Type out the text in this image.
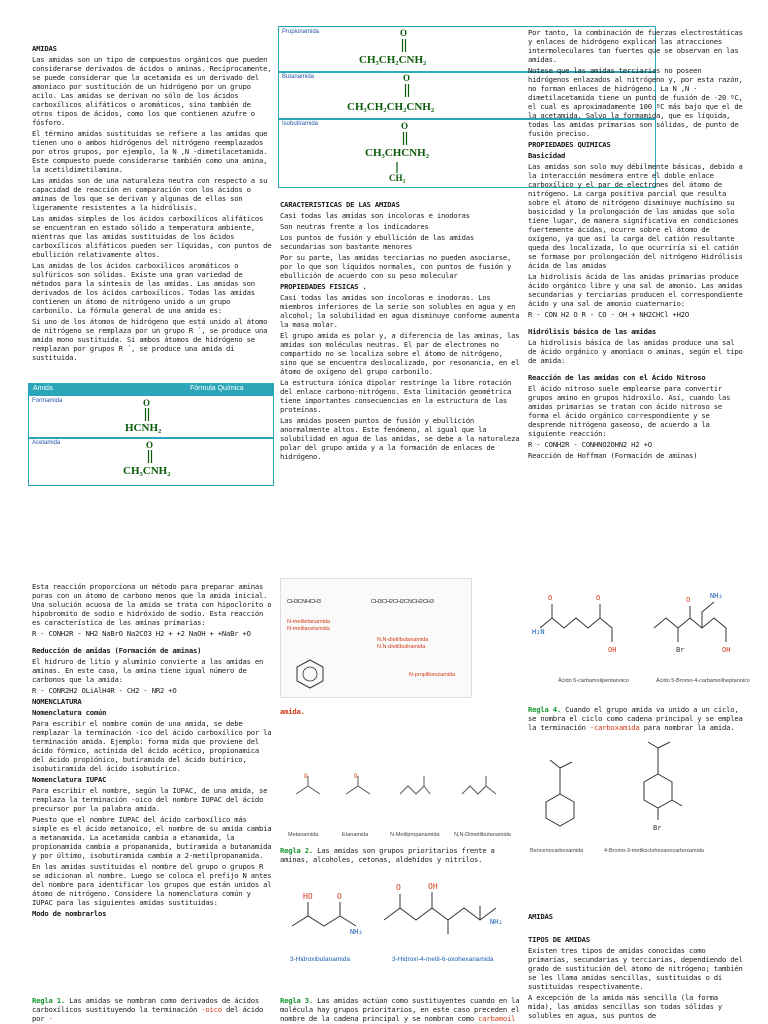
AMIDAS

Las amidas son un tipo de compuestos orgánicos que pueden considerarse derivados de ácidos o aminas. Recíprocamente, se puede considerar que la acetamida es un derivado del amoniaco por sustitución de un hidrógeno por un grupo acilo. Las amidas se derivan no sólo de los ácidos carboxílicos alifáticos o aromáticos, sino también de otros tipos de ácidos, como los que contienen azufre o fósforo.

El término amidas sustituidas se refiere a las amidas que tienen uno o ambos hidrógenos del nitrógeno reemplazados por otros grupos, por ejemplo, la N ,N -dimetilacetamida. Este compuesto puede considerarse también como una amina, la acetildimetilamina.

Las amidas son de una naturaleza neutra con respecto a su capacidad de reacción en comparación con los ácidos o aminas de los que se derivan y algunas de ellas son ligeramente resistentes a la hidrólisis.

Las amidas simples de los ácidos carboxílicos alifáticos se encuentran en estado sólido a temperatura ambiente, mientras que las amidas sustituidas de los ácidos carboxílicos alifáticos pueden ser líquidas, con puntos de ebullición relativamente altos.

Las amidas de los ácidos carboxílicos aromáticos o sulfúricos son sólidas. Existe una gran variedad de métodos para la síntesis de las amidas. Las amidas son derivados de los ácidos carboxílicos. Todas las amidas contienen un átomo de nitrógeno unido a un grupo carbonilo. La fórmula general de una amida es:

Si uno de los átomos de hidrógeno que está unido al átomo de nitrógeno se remplaza por un grupo R ´, se produce una amida mono sustituida. Si ambos átomos de hidrógeno se remplazan por grupos R ´, se produce una amida di sustituida.

Amida	Fórmula Química
Formamida	O
HCNH₂
Acetamida	O
CH₃CNH₂
Propionamida	O
CH₃CH₂CNH₂
Butanamida	O
CH₃CH₂CH₂CNH₂
Isobutiramida	O
CH₃CHCNH₂
CH₃

CARACTERISTICAS DE LAS AMIDAS

Casi todas las amidas son incoloras e inodoras

Son neutras frente a los indicadores

Los puntos de fusión y ebullición de las amidas secundarias son bastante menores

Por su parte, las amidas terciarias no pueden asociarse, por lo que son líquidos normales, con puntos de fusión y ebullición de acuerdo con su peso molecular

PROPIEDADES FISICAS .

Casi todas las amidas son incoloras e inodoras. Los miembros inferiores de la serie son solubles en agua y en alcohol; la solubilidad en agua disminuye conforme aumenta la masa molar.

El grupo amida es polar y, a diferencia de las aminas, las amidas son moléculas neutras. El par de electrones no compartido no se localiza sobre el átomo de nitrógeno, sino que se encuentra deslocalizado, por resonancia, en el átomo de oxígeno del grupo carbonilo.

La estructura iónica dipolar restringe la libre rotación del enlace carbono-nitrógeno. Esta limitación geométrica tiene importantes consecuencias en la estructura de las proteínas.

Las amidas poseen puntos de fusión y ebullición anormalmente altos. Este fenómeno, al igual que la solubilidad en agua de las amidas, se debe a la naturaleza polar del grupo amida y a la formación de enlaces de hidrógeno.

Por tanto, la combinación de fuerzas electrostáticas y enlaces de hidrógeno explican las atracciones intermoleculares tan fuertes que se observan en las amidas.

Notese que las amidas terciarias no poseen hidrógenos enlazados al nitrógeno y, por esta razón, no forman enlaces de hidrógeno. La N ,N -dimetilacetamida tiene un punto de fusión de -20 ºC, el cual es aproximadamente 100 ºC más bajo que el de la acetamida. Salvo la formamida, que es líquida, todas las amidas primarias son sólidas, de punto de fusión preciso.

PROPIEDADES QUIMICAS

Basicidad

Las amidas son solo muy débilmente básicas, debido a la interacción mesómera entre el doble enlace carboxílico y el par de electrones del átomo de nitrógeno. La carga positiva parcial que resulta sobre el átomo de nitrógeno disminuye muchísimo su basicidad y la prolongación de las amidas que solo tiene lugar, de manera significativa en condiciones fuertemente ácidas, ocurre sobre el átomo de oxígeno, ya que así la carga del catión resultante queda des localizada, lo que ocurriría si el catión se formase por prolongación del nitrógeno Hidrólisis ácida de las amidas

La hidrolisis ácida de las amidas primarias produce ácido orgánico libre y una sal de amonio. Las amidas secundarias y terciarias producen el correspondiente ácido y una sal de amonio cuaternario:

R - CON H2 O R - CO - OH + NH2CHCl +H2O

Hidrólisis básica de las amidas

La hidrolisis básica de las amidas produce una sal de ácido orgánico y amoníaco o aminas, según el tipo de amida:

Reacción de las amidas con el Ácido Nitroso

El ácido nitroso suele emplearse para convertir grupos amino en grupos hidroxilo. Así, cuando las amidas primarias se tratan con ácido nitroso se forma el ácido orgánico correspondiente y se desprende nitrógeno gaseoso, de acuerdo a la siguiente reacción:

R - CONH2R - CONHNO2OHN2 H2 +O

Reacción de Hoffman (Formación de aminas)

Esta reacción proporciona un método para preparar aminas puras con un átomo de carbono menos que la amida inicial. Una solución acuosa de la amida se trata con hipoclorito o hipobromito de sodio e hidróxido de sodio. Esta reacción es característica de las aminas primarias:

R - CONH2R - NH2 NaBrO Na2CO3 H2 + +2 NaOH + +NaBr +O

Reducción de amidas (Formación de aminas)

El hidruro de litio y aluminio convierte a las amidas en aminas. En este caso, la amina tiene igual número de carbonos que la amida:

R - CONR2H2 OLiAlH4R - CH2 - NR2 +O

NOMENCLATURA

Nomenclatura común

Para escribir el nombre común de una amida, se debe remplazar la terminación -ico del ácido carboxílico por la terminación amida. Ejemplo: forma mida que proviene del ácido fórmico, actinida del ácido acético, propionamica del ácido propiónico, butiramida del ácido butírico, isobutiramida del ácido isobutírico.

Nomenclatura IUPAC

Para escribir el nombre, según la IUPAC, de una amida, se remplaza la terminación -oico del nombre IUPAC del ácido precursor por la palabra amida.

Puesto que el nombre IUPAC del ácido carboxílico más simple es el ácido metanoico, el nombre de su amida cambia a metanamida. La acetamida cambia a etanamida, la propionamida cambia a propanamida, butiramida a butanamida y por último, isobutiramida cambia a 2-metilpropanamida.

En las amidas sustituidas el nombre del grupo o grupos R se adicionan al nombre. Luego se coloca el prefijo N antes del nombre para identificar los grupos que están unidos al átomo de nitrógeno. Considere la nomenclatura común y IUPAC para las siguientes amidas sustituidas:

Modo de nombrarlos

Regla 1. Las amidas se nombran como derivados de ácidos carboxílicos sustituyendo la terminación -oico del ácido por -
CH3CNHCH3	CH3CH2CH2CNCH2CH3
N-metiletanamida
N-metilacetamida
N,N-dietilbutanamida
N,N-dietilbutiramida
N-propilbenzamida
amida.
O	O
Metanamida	Etanamida	N-Metilpropanamida	N,N-Dimetilbutanamida
Regla 2. Las amidas son grupos prioritarios frente a aminas, alcoholes, cetonas, aldehídos y nitrilos.
HO	O
NH₂
OH
O
NH₂
3-Hidroxibutanamida	3-Hidroxi-4-metil-6-oxohexanamida
Regla 3. Las amidas actúan como sustituyentes cuando en la molécula hay grupos prioritarios, en este caso preceden el nombre de la cadena principal y se nombran como carbamoíl
O
H₂N
O
OH
NH₂
O
Br	OH
Ácido 5-carbamoilpentanoico	Ácido 5-Bromo-4-carbamoilheptanoico
Regla 4. Cuando el grupo amida va unido a un ciclo, se nombra el ciclo como cadena principal y se emplea la terminación -carboxamida para nombrar la amida.
Br
Bencenocarboxamida	4-Bromo-3-metilciclohexanocarboxamida

AMIDAS

TIPOS DE AMIDAS

Existen tres tipos de amidas conocidas como primarias, secundarias y terciarias, dependiendo del grado de sustitución del átomo de nitrógeno; también se les llama amidas sencillas, sustituidas o di sustituidas respectivamente.

A excepción de la amida más sencilla (la forma mida), las amidas sencillas son todas sólidas y solubles en agua, sus puntos de
